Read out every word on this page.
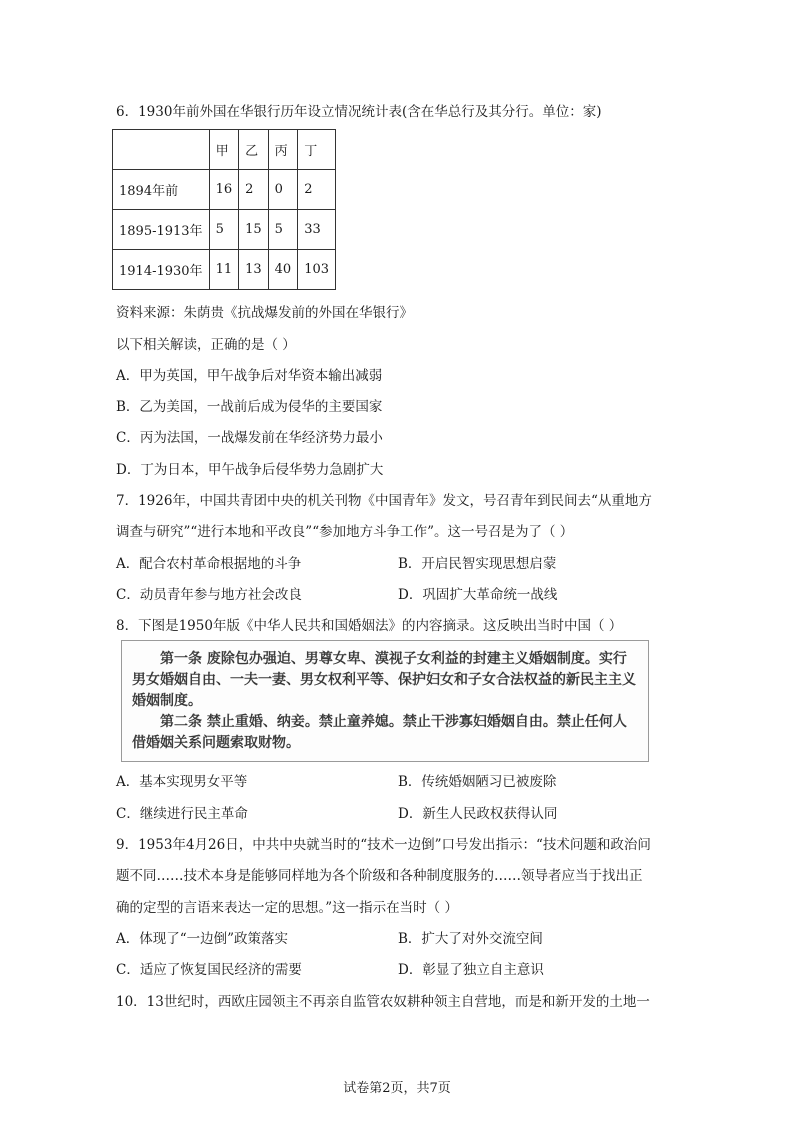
6．1930年前外国在华银行历年设立情况统计表(含在华总行及其分行。单位：家)
	甲	乙	丙	丁
1894年前	16	2	0	2
1895-1913年	5	15	5	33
1914-1930年	11	13	40	103
资料来源：朱荫贵《抗战爆发前的外国在华银行》
以下相关解读，正确的是（ ）
A．甲为英国，甲午战争后对华资本输出减弱
B．乙为美国，一战前后成为侵华的主要国家
C．丙为法国，一战爆发前在华经济势力最小
D．丁为日本，甲午战争后侵华势力急剧扩大
7．1926年，中国共青团中央的机关刊物《中国青年》发文，号召青年到民间去“从重地方
调查与研究”“进行本地和平改良”“参加地方斗争工作”。这一号召是为了（ ）
A．配合农村革命根据地的斗争	B．开启民智实现思想启蒙
C．动员青年参与地方社会改良	D．巩固扩大革命统一战线
8．下图是1950年版《中华人民共和国婚姻法》的内容摘录。这反映出当时中国（ ）

第一条 废除包办强迫、男尊女卑、漠视子女利益的封建主义婚姻制度。实行男女婚姻自由、一夫一妻、男女权利平等、保护妇女和子女合法权益的新民主主义婚姻制度。

第二条 禁止重婚、纳妾。禁止童养媳。禁止干涉寡妇婚姻自由。禁止任何人借婚姻关系问题索取财物。

A．基本实现男女平等	B．传统婚姻陋习已被废除
C．继续进行民主革命	D．新生人民政权获得认同
9．1953年4月26日，中共中央就当时的“技术一边倒”口号发出指示：“技术问题和政治问
题不同……技术本身是能够同样地为各个阶级和各种制度服务的……领导者应当于找出正
确的定型的言语来表达一定的思想。”这一指示在当时（ ）
A．体现了“一边倒”政策落实	B．扩大了对外交流空间
C．适应了恢复国民经济的需要	D．彰显了独立自主意识
10．13世纪时，西欧庄园领主不再亲自监管农奴耕种领主自营地，而是和新开发的土地一
试卷第2页，共7页
